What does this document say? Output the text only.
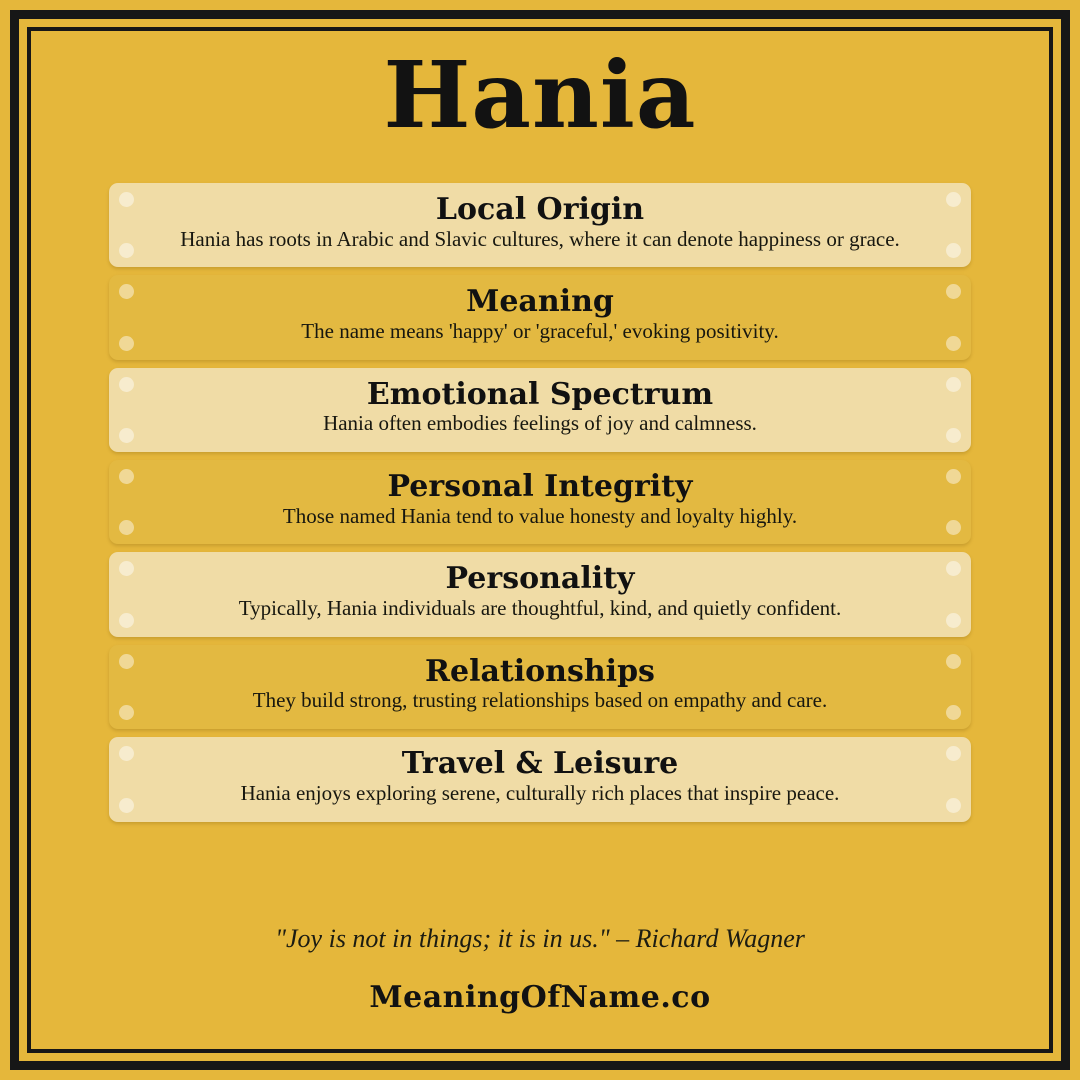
Hania

Local Origin

Hania has roots in Arabic and Slavic cultures, where it can denote happiness or grace.

Meaning

The name means 'happy' or 'graceful,' evoking positivity.

Emotional Spectrum

Hania often embodies feelings of joy and calmness.

Personal Integrity

Those named Hania tend to value honesty and loyalty highly.

Personality

Typically, Hania individuals are thoughtful, kind, and quietly confident.

Relationships

They build strong, trusting relationships based on empathy and care.

Travel & Leisure

Hania enjoys exploring serene, culturally rich places that inspire peace.

"Joy is not in things; it is in us." – Richard Wagner
MeaningOfName.co
